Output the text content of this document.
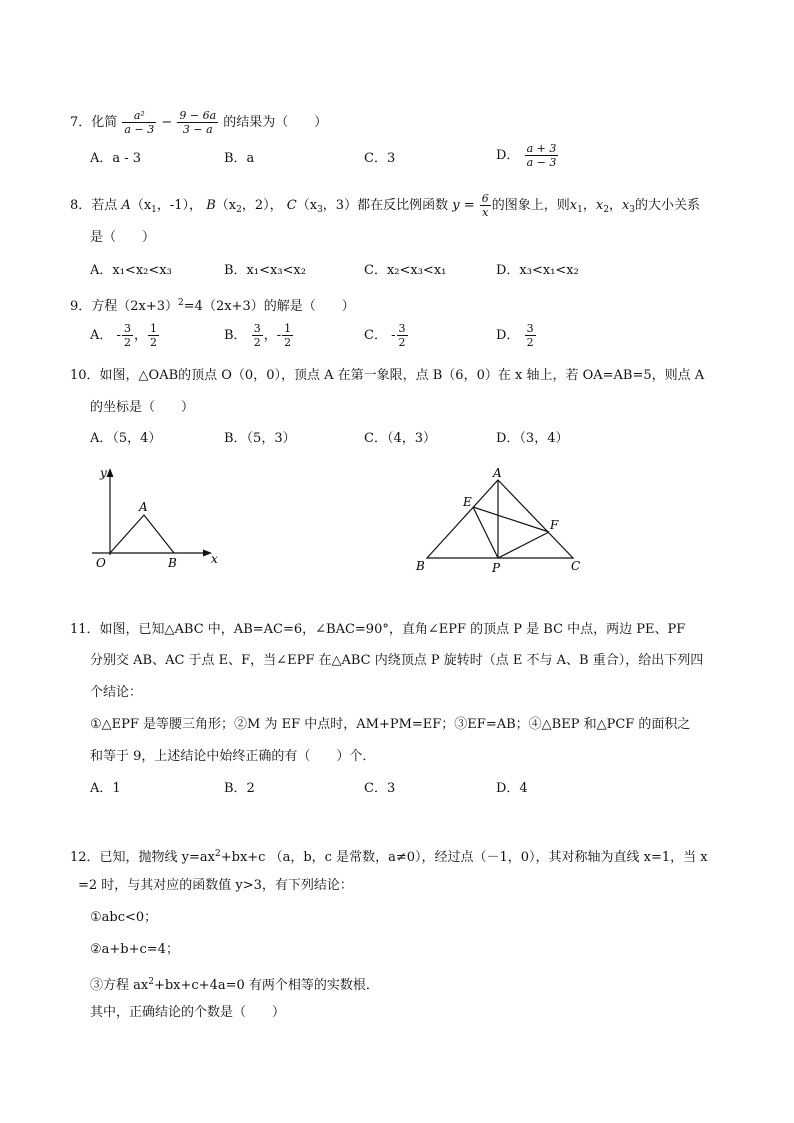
7．化简 $\frac{\text{a²}}{a - 3} - \frac{9 - 6a}{3 - a}$ 的结果为（　　）
A．a - 3	B．a	C．3	D． $\frac{a + 3}{a - 3}$
8．若点 $A(x_1$，-1）， $B(x_2$，2）， $C(x_3$，3）都在反比例函数 $y = \frac{6}{x}$ 的图象上，则$x_1$，$x_2$，$x_3$的大小关系
是（　　）
A．x₁<x₂<x₃	B．x₁<x₃<x₂	C．x₂<x₃<x₁	D．x₃<x₁<x₂
9．方程$(2x+3)^2=4(2x+3)$的解是（　　）
A． - $\frac{3}{2}$ ， $\frac{1}{2}$	B． $\frac{3}{2}$ ，- $\frac{1}{2}$	C． - $\frac{3}{2}$	D． $\frac{3}{2}$
10．如图，△OAB的顶点 O（0，0），顶点 A 在第一象限，点 B（6，0）在 x 轴上，若 OA=AB=5，则点 A
的坐标是（　　）
A．（5，4）	B．（5，3）	C．（4，3）	D．（3，4）
y
x
O
A
B
A
E
F
B	P	C
11．如图，已知△ABC 中，AB=AC=6，∠BAC=90°，直角∠EPF 的顶点 P 是 BC 中点，两边 PE、PF
分别交 AB、AC 于点 E、F，当∠EPF 在△ABC 内绕顶点 P 旋转时（点 E 不与 A、B 重合），给出下列四
个结论：
①△EPF 是等腰三角形；②M 为 EF 中点时，AM+PM=EF；③EF=AB；④△BEP 和△PCF 的面积之
和等于 9，上述结论中始终正确的有（　　）个．
A．1	B．2	C．3	D．4
12．已知，抛物线 $y=ax^2+bx+c$ （a，b，c 是常数，a≠0），经过点（－1，0），其对称轴为直线 x=1，当 x
=2 时，与其对应的函数值 y>3，有下列结论：
①abc<0；
②a+b+c=4；
③方程 $ax^2+bx+c+4a=0$ 有两个相等的实数根．
其中，正确结论的个数是（　　）
